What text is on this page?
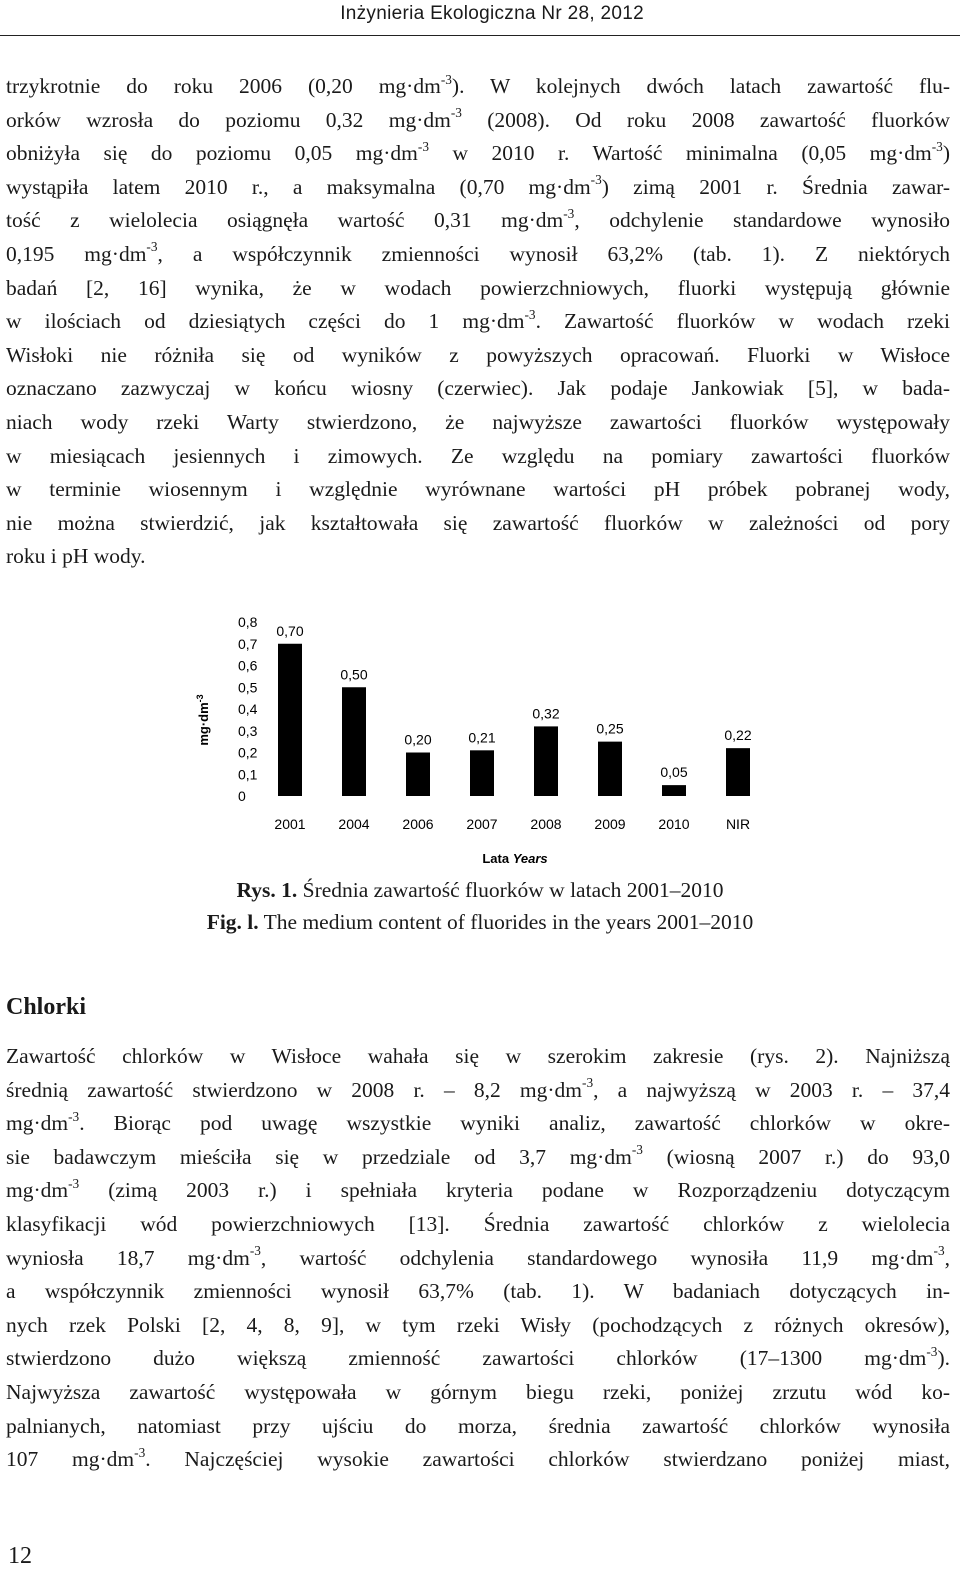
Inżynieria Ekologiczna Nr 28, 2012
trzykrotnie do roku 2006 (0,20 $mg\cdot dm^{-3}$). W kolejnych dwóch latach zawartość flu-
orków wzrosła do poziomu 0,32 $mg\cdot dm^{-3}$ (2008). Od roku 2008 zawartość fluorków
obniżyła się do poziomu 0,05 $mg\cdot dm^{-3}$ w 2010 r. Wartość minimalna (0,05 $mg\cdot dm^{-3}$)
wystąpiła latem 2010 r., a maksymalna (0,70 $mg\cdot dm^{-3}$) zimą 2001 r. Średnia zawar-
tość z wielolecia osiągnęła wartość 0,31 $mg\cdot dm^{-3}$, odchylenie standardowe wynosiło
0,195 $mg\cdot dm^{-3}$, a współczynnik zmienności wynosił 63,2% (tab. 1). Z niektórych
badań [2, 16] wynika, że w wodach powierzchniowych, fluorki występują głównie
w ilościach od dziesiątych części do 1 $mg\cdot dm^{-3}$. Zawartość fluorków w wodach rzeki
Wisłoki nie różniła się od wyników z powyższych opracowań. Fluorki w Wisłoce
oznaczano zazwyczaj w końcu wiosny (czerwiec). Jak podaje Jankowiak [5], w bada-
niach wody rzeki Warty stwierdzono, że najwyższe zawartości fluorków występowały
w miesiącach jesiennych i zimowych. Ze względu na pomiary zawartości fluorków
w terminie wiosennym i względnie wyrównane wartości pH próbek pobranej wody,
nie można stwierdzić, jak kształtowała się zawartość fluorków w zależności od pory
roku i pH wody.
0
0,1
0,2
0,3
0,4
0,5
0,6
0,7
0,8
0,70
0,50
0,20	0,21
0,32
0,25
0,05
0,22
2001 2004 2006 2007 2008 2009 2010	NIR
$mg\cdot dm^{-3}$
Lata Years
Rys. 1. Średnia zawartość fluorków w latach 2001–2010
Fig. l. The medium content of fluorides in the years 2001–2010
Chlorki
Zawartość chlorków w Wisłoce wahała się w szerokim zakresie (rys. 2). Najniższą
średnią zawartość stwierdzono w 2008 r. – 8,2 $mg\cdot dm^{-3}$, a najwyższą w 2003 r. – 37,4
$mg\cdot dm^{-3}$. Biorąc pod uwagę wszystkie wyniki analiz, zawartość chlorków w okre-
sie badawczym mieściła się w przedziale od 3,7 $mg\cdot dm^{-3}$ (wiosną 2007 r.) do 93,0
$mg\cdot dm^{-3}$ (zimą 2003 r.) i spełniała kryteria podane w Rozporządzeniu dotyczącym
klasyfikacji wód powierzchniowych [13]. Średnia zawartość chlorków z wielolecia
wyniosła 18,7 $mg\cdot dm^{-3}$, wartość odchylenia standardowego wynosiła 11,9 $mg\cdot dm^{-3}$,
a współczynnik zmienności wynosił 63,7% (tab. 1). W badaniach dotyczących in-
nych rzek Polski [2, 4, 8, 9], w tym rzeki Wisły (pochodzących z różnych okresów),
stwierdzono dużo większą zmienność zawartości chlorków (17–1300 $mg\cdot dm^{-3}$).
Najwyższa zawartość występowała w górnym biegu rzeki, poniżej zrzutu wód ko-
palnianych, natomiast przy ujściu do morza, średnia zawartość chlorków wynosiła
107 $mg\cdot dm^{-3}$. Najczęściej wysokie zawartości chlorków stwierdzano poniżej miast,
12
